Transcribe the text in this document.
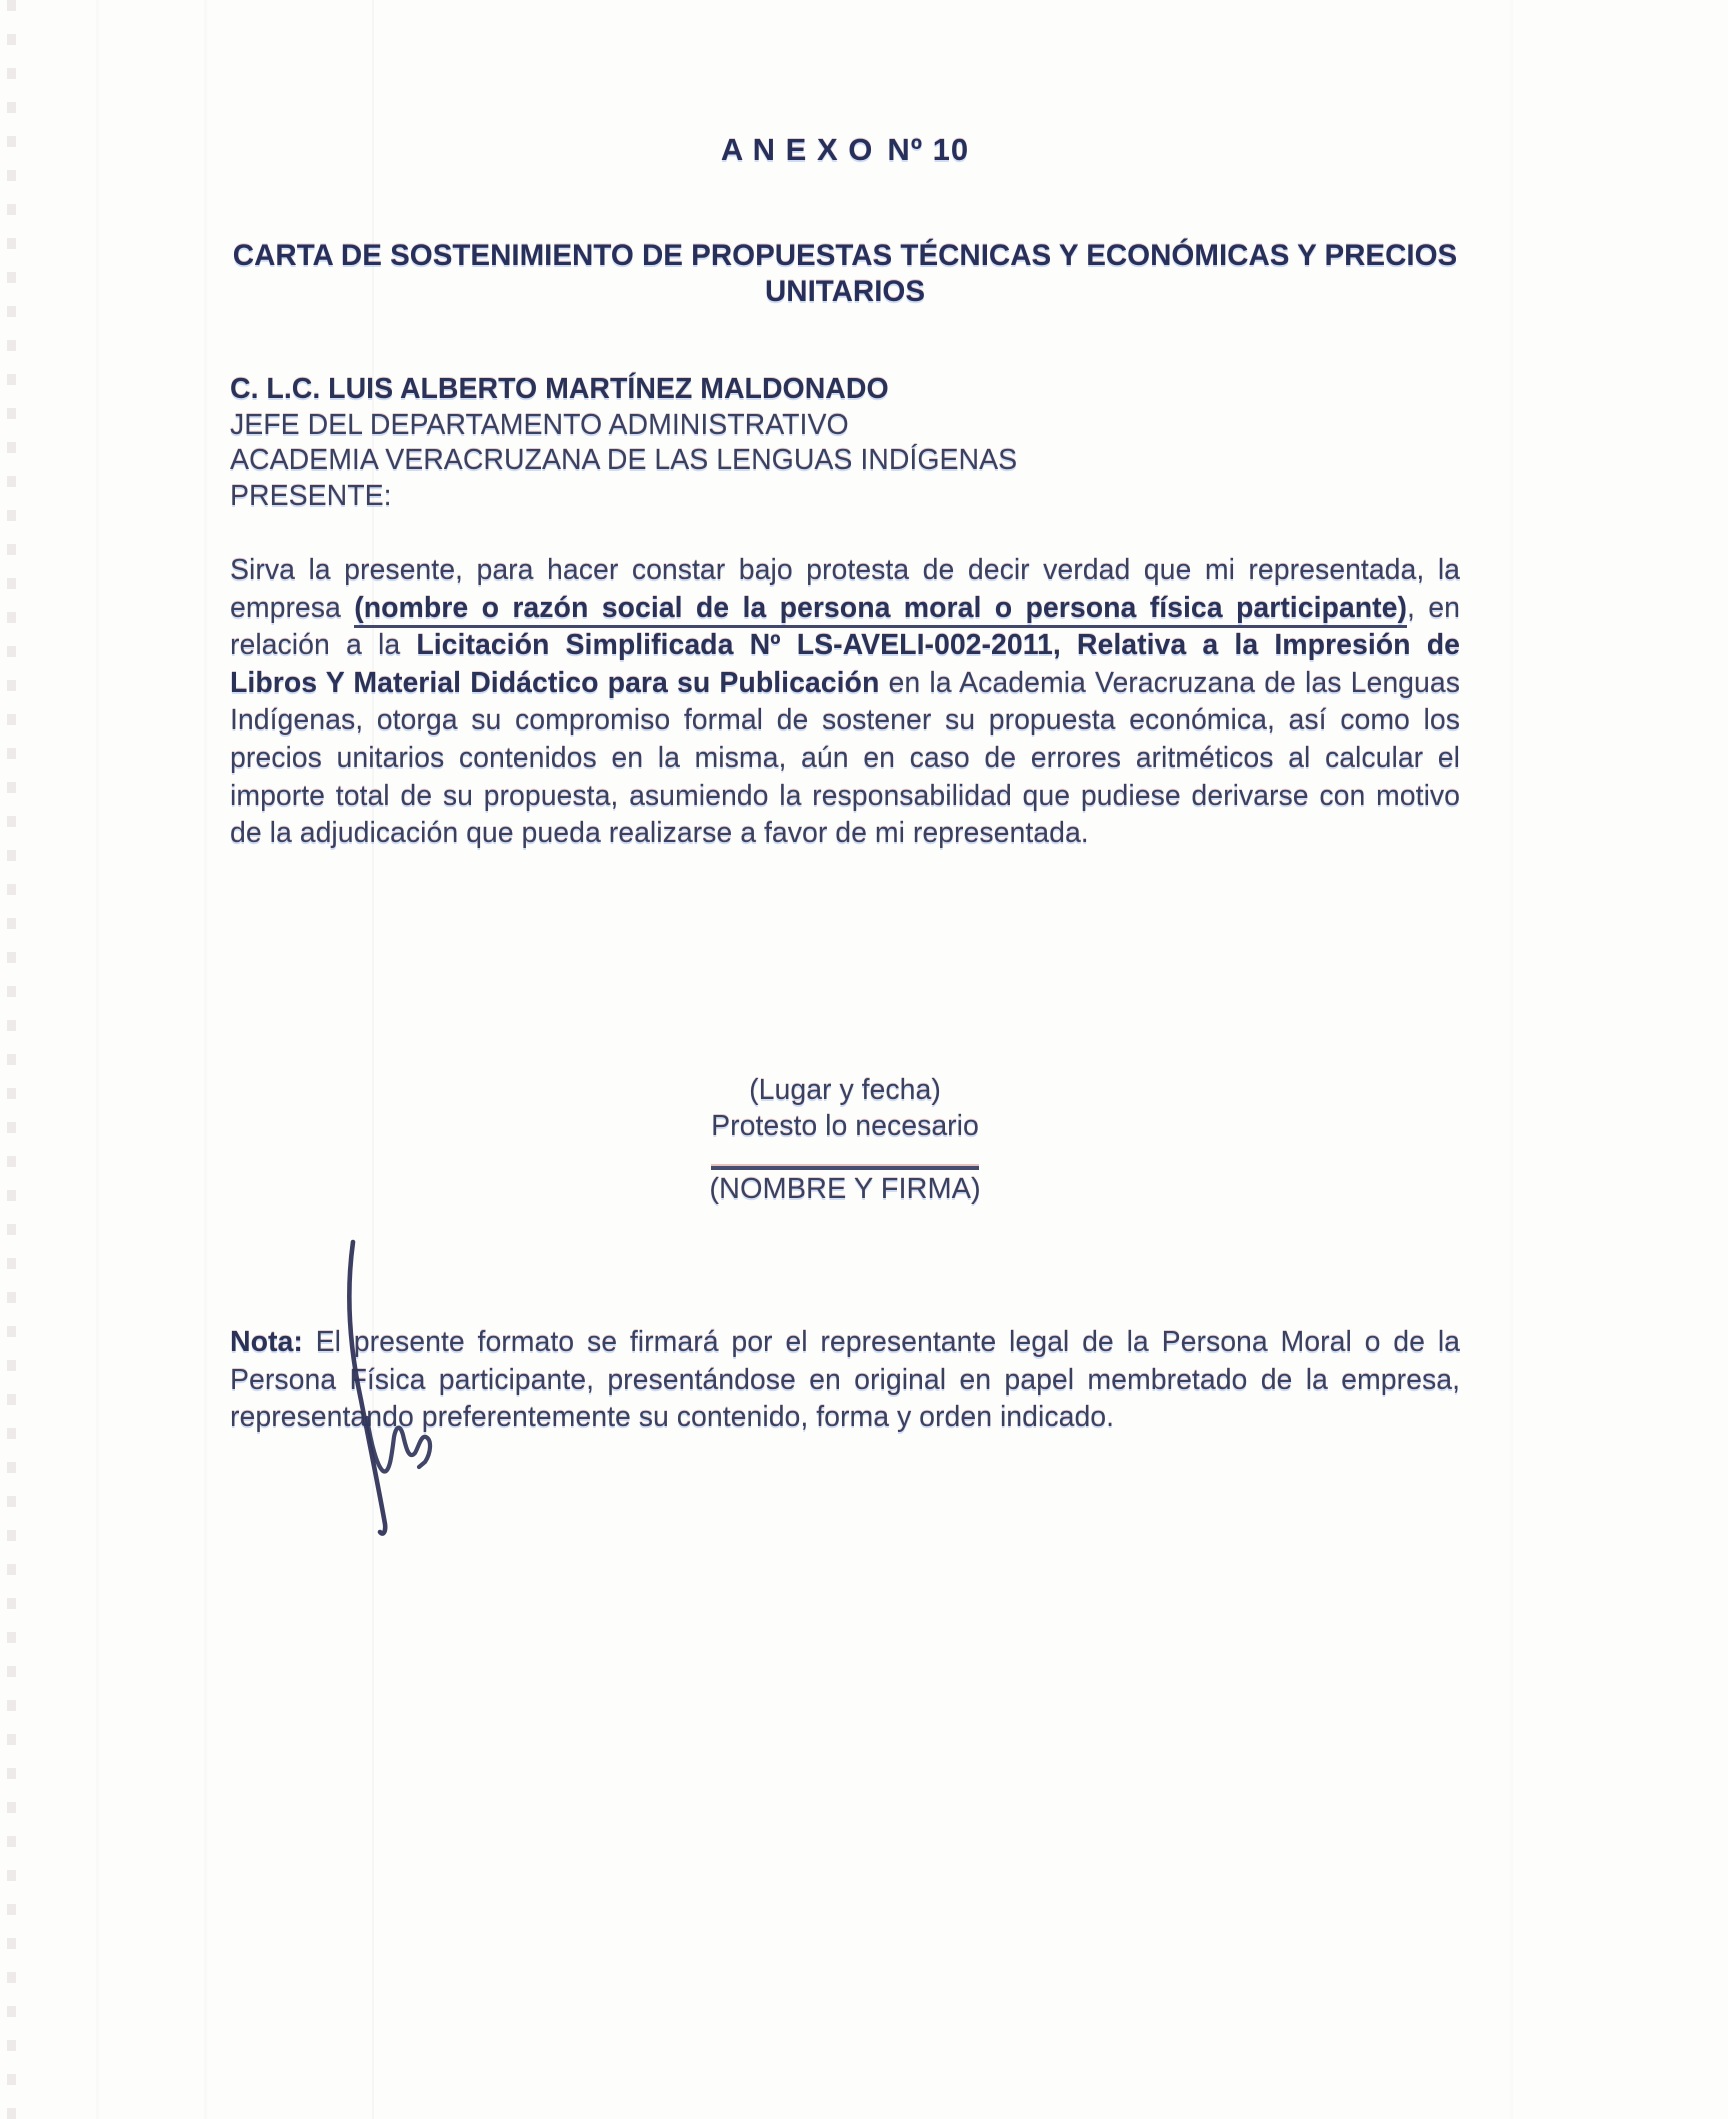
A N E X O Nº 10
CARTA DE SOSTENIMIENTO DE PROPUESTAS TÉCNICAS Y ECONÓMICAS Y PRECIOS
UNITARIOS

C. L.C. LUIS ALBERTO MARTÍNEZ MALDONADO

JEFE DEL DEPARTAMENTO ADMINISTRATIVO

ACADEMIA VERACRUZANA DE LAS LENGUAS INDÍGENAS

PRESENTE:

Sirva la presente, para hacer constar bajo protesta de decir verdad que mi representada, la empresa (nombre o razón social de la persona moral o persona física participante), en relación a la Licitación Simplificada Nº LS-AVELI-002-2011, Relativa a la Impresión de Libros Y Material Didáctico para su Publicación en la Academia Veracruzana de las Lenguas Indígenas, otorga su compromiso formal de sostener su propuesta económica, así como los precios unitarios contenidos en la misma, aún en caso de errores aritméticos al calcular el importe total de su propuesta, asumiendo la responsabilidad que pudiese derivarse con motivo de la adjudicación que pueda realizarse a favor de mi representada.

(Lugar y fecha)

Protesto lo necesario

(NOMBRE Y FIRMA)

Nota: El presente formato se firmará por el representante legal de la Persona Moral o de la Persona Física participante, presentándose en original en papel membretado de la empresa, representando preferentemente su contenido, forma y orden indicado.
